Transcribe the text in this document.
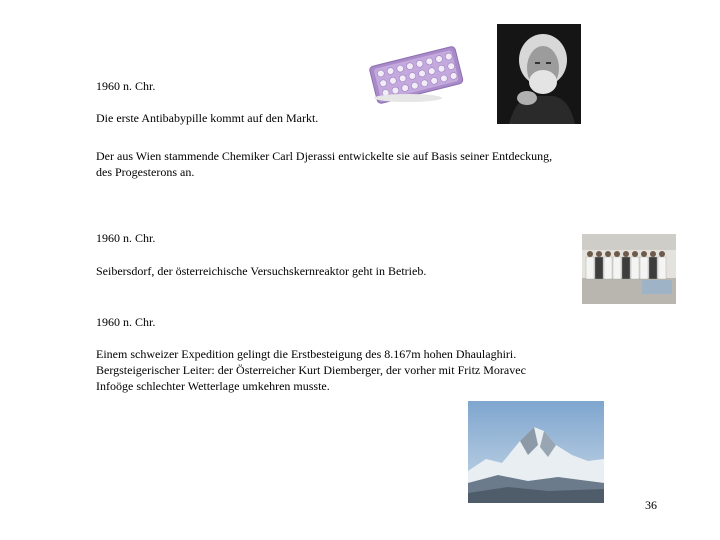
1960 n. Chr.
Die erste Antibabypille kommt auf den Markt.
Der aus Wien stammende Chemiker Carl Djerassi entwickelte sie auf Basis seiner Entdeckung,
des Progesterons an.
1960 n. Chr.
Seibersdorf, der österreichische Versuchskernreaktor geht in Betrieb.
1960 n. Chr.
Einem schweizer Expedition gelingt die Erstbesteigung des 8.167m hohen Dhaulaghiri.
Bergsteigerischer Leiter: der Österreicher Kurt Diemberger, der vorher mit Fritz Moravec
Infoöge schlechter Wetterlage umkehren musste.
36
